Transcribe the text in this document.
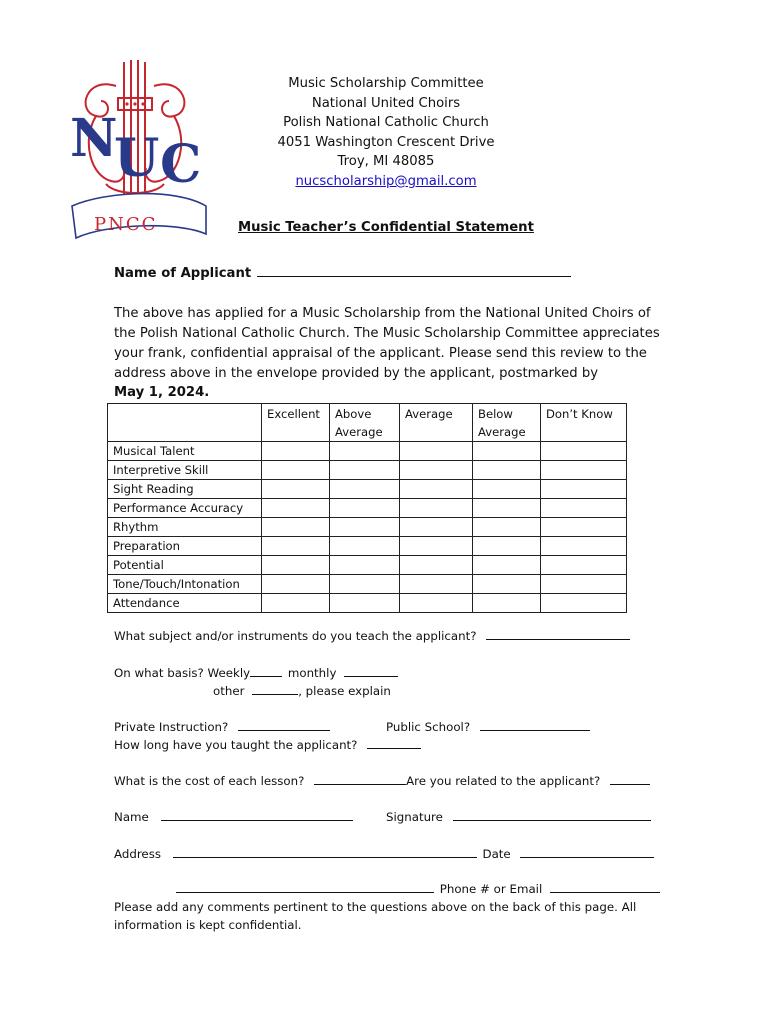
N
U C
PNCC
Music Scholarship Committee
National United Choirs
Polish National Catholic Church
4051 Washington Crescent Drive
Troy, MI 48085
nucscholarship@gmail.com
Music Teacher’s Confidential Statement
Name of Applicant
The above has applied for a Music Scholarship from the National United Choirs of the Polish National Catholic Church. The Music Scholarship Committee appreciates your frank, confidential appraisal of the applicant. Please send this review to the address above in the envelope provided by the applicant, postmarked by
May 1, 2024.
	Excellent	Above Average	Average	Below Average	Don’t Know
Musical Talent					
Interpretive Skill					
Sight Reading					
Performance Accuracy					
Rhythm					
Preparation					
Potential					
Tone/Touch/Intonation					
Attendance					
What subject and/or instruments do you teach the applicant?
On what basis? Weekly	monthly
other	, please explain
Private Instruction?	Public School?
How long have you taught the applicant?
What is the cost of each lesson?	Are you related to the applicant?
Name	Signature
Address	Date
Phone # or Email
Please add any comments pertinent to the questions above on the back of this page. All information is kept confidential.
